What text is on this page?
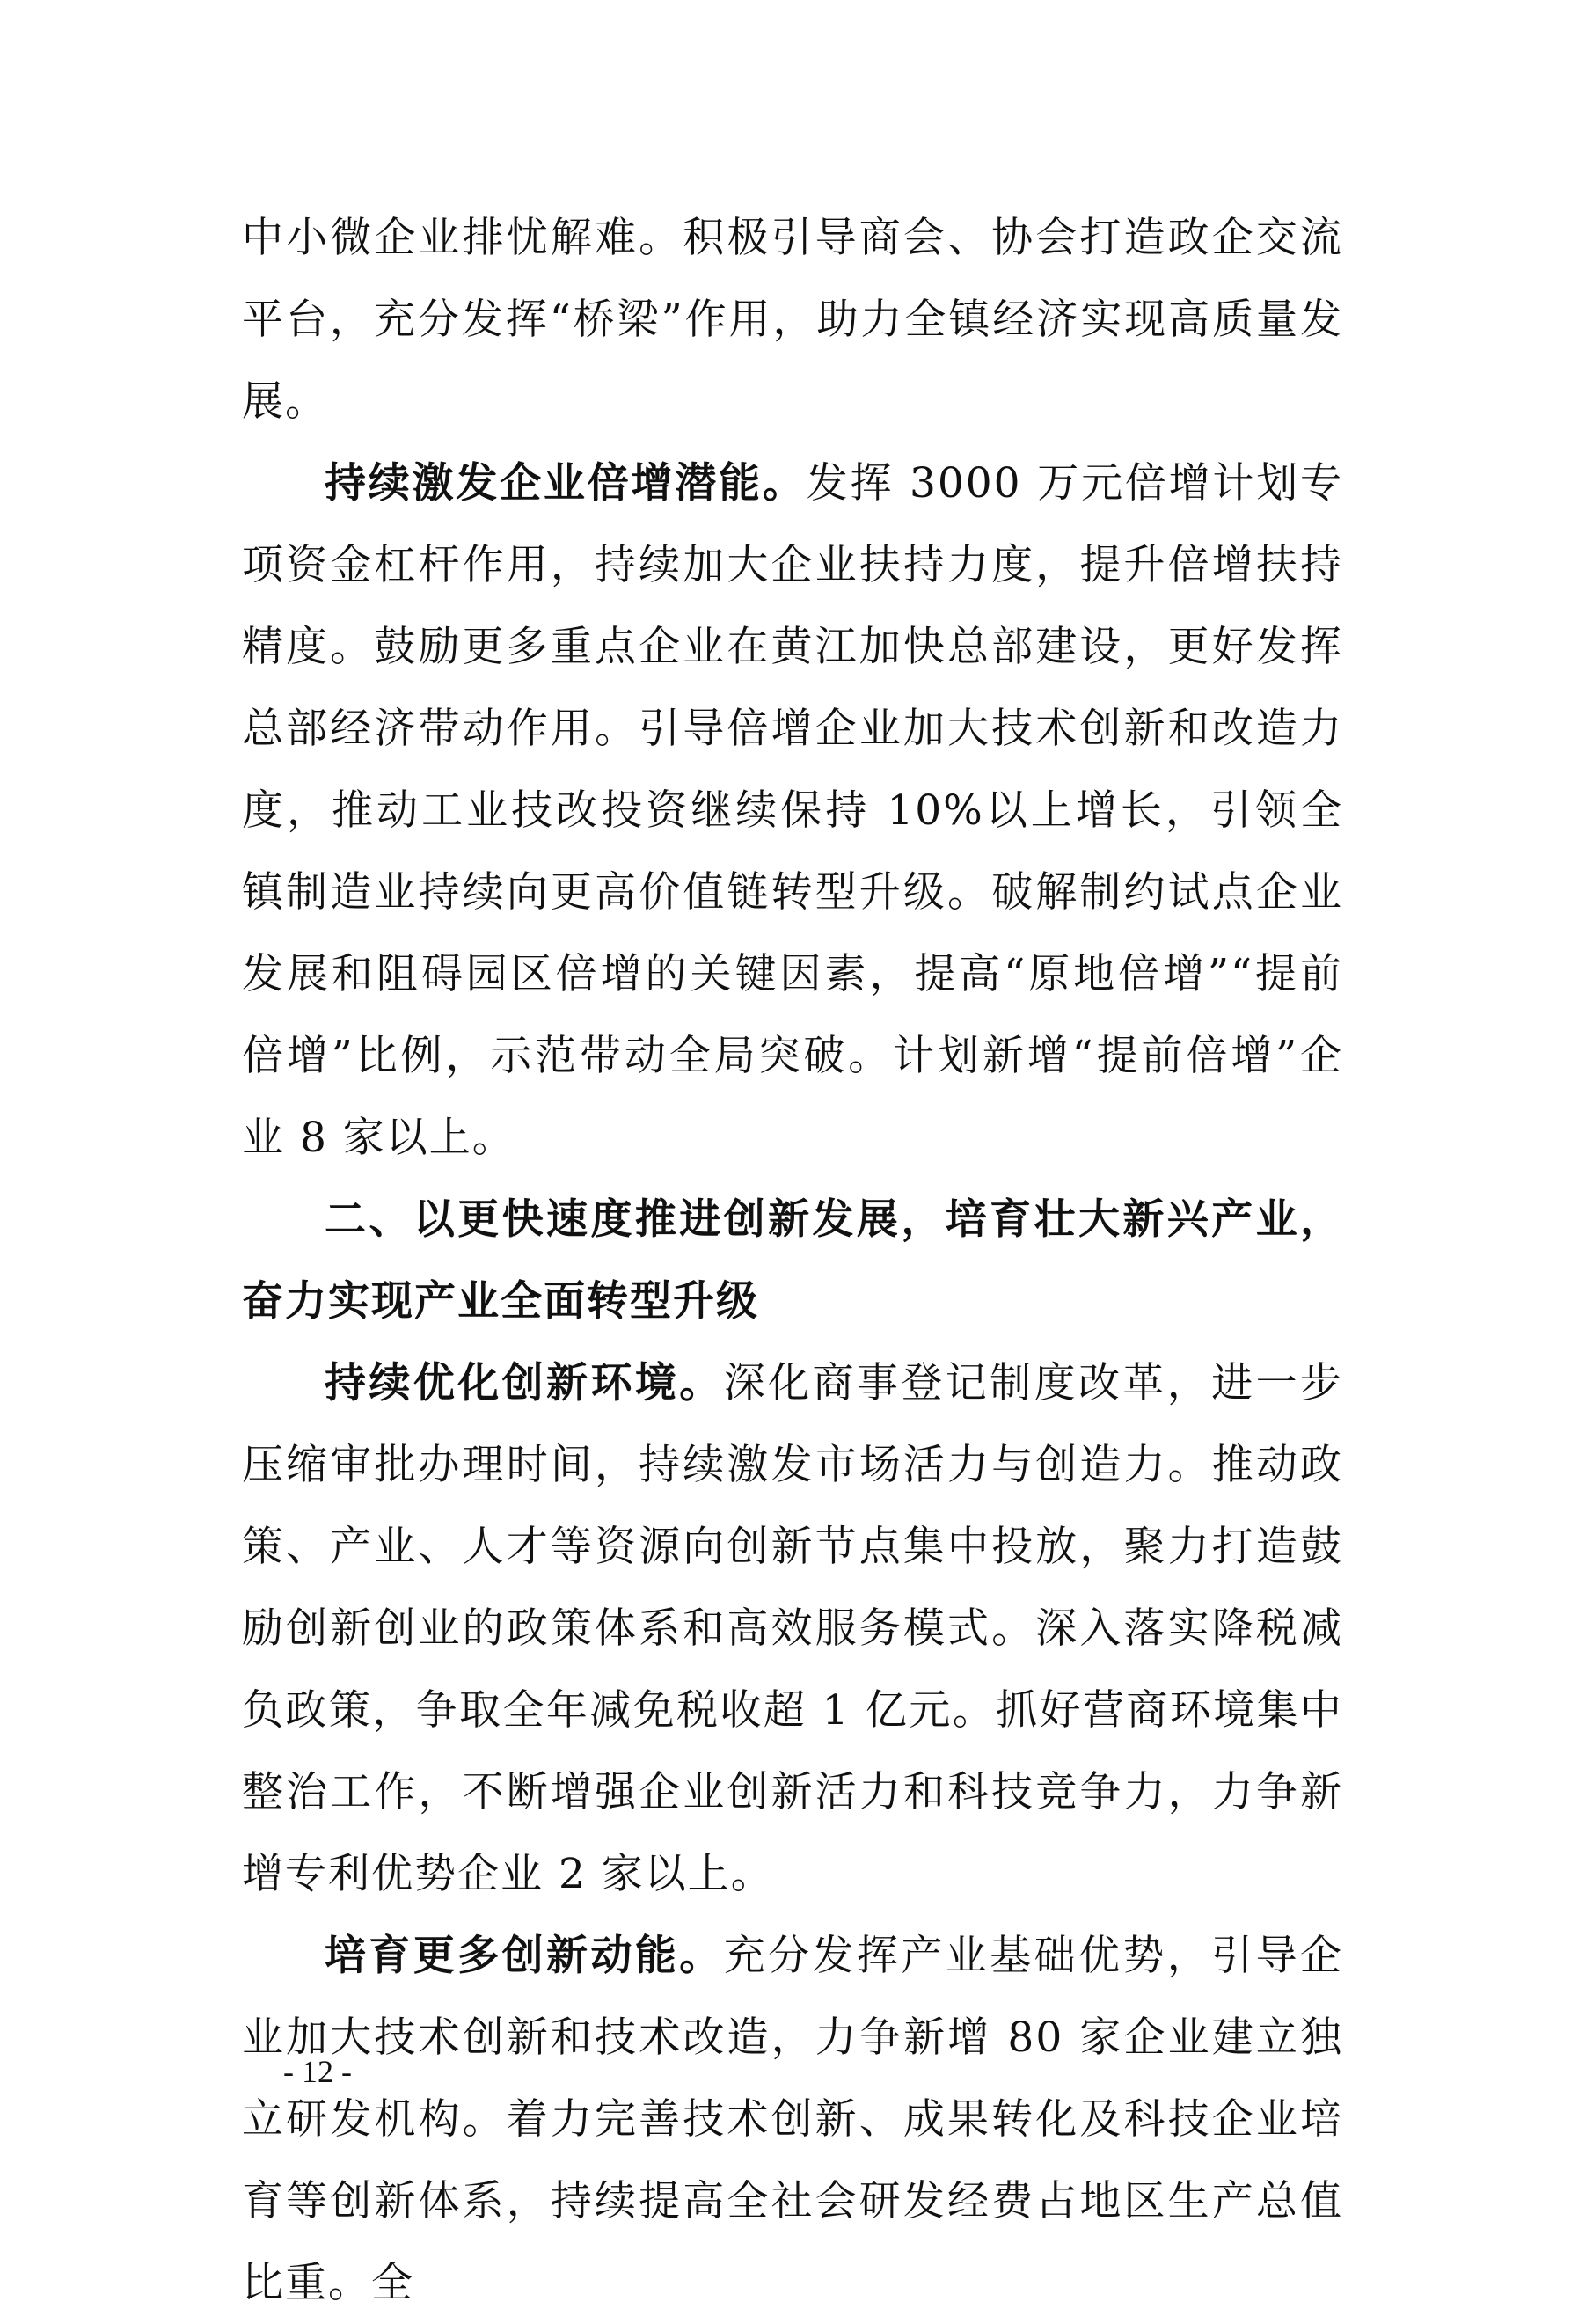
中小微企业排忧解难。积极引导商会、协会打造政企交流平台，充分发挥“桥梁”作用，助力全镇经济实现高质量发展。

持续激发企业倍增潜能。发挥 3000 万元倍增计划专项资金杠杆作用，持续加大企业扶持力度，提升倍增扶持精度。鼓励更多重点企业在黄江加快总部建设，更好发挥总部经济带动作用。引导倍增企业加大技术创新和改造力度，推动工业技改投资继续保持 10%以上增长，引领全镇制造业持续向更高价值链转型升级。破解制约试点企业发展和阻碍园区倍增的关键因素，提高“原地倍增”“提前倍增”比例，示范带动全局突破。计划新增“提前倍增”企业 8 家以上。

二、以更快速度推进创新发展，培育壮大新兴产业，奋力实现产业全面转型升级

持续优化创新环境。深化商事登记制度改革，进一步压缩审批办理时间，持续激发市场活力与创造力。推动政策、产业、人才等资源向创新节点集中投放，聚力打造鼓励创新创业的政策体系和高效服务模式。深入落实降税减负政策，争取全年减免税收超 1 亿元。抓好营商环境集中整治工作，不断增强企业创新活力和科技竞争力，力争新增专利优势企业 2 家以上。

培育更多创新动能。充分发挥产业基础优势，引导企业加大技术创新和技术改造，力争新增 80 家企业建立独立研发机构。着力完善技术创新、成果转化及科技企业培育等创新体系，持续提高全社会研发经费占地区生产总值比重。全

- 12 -
